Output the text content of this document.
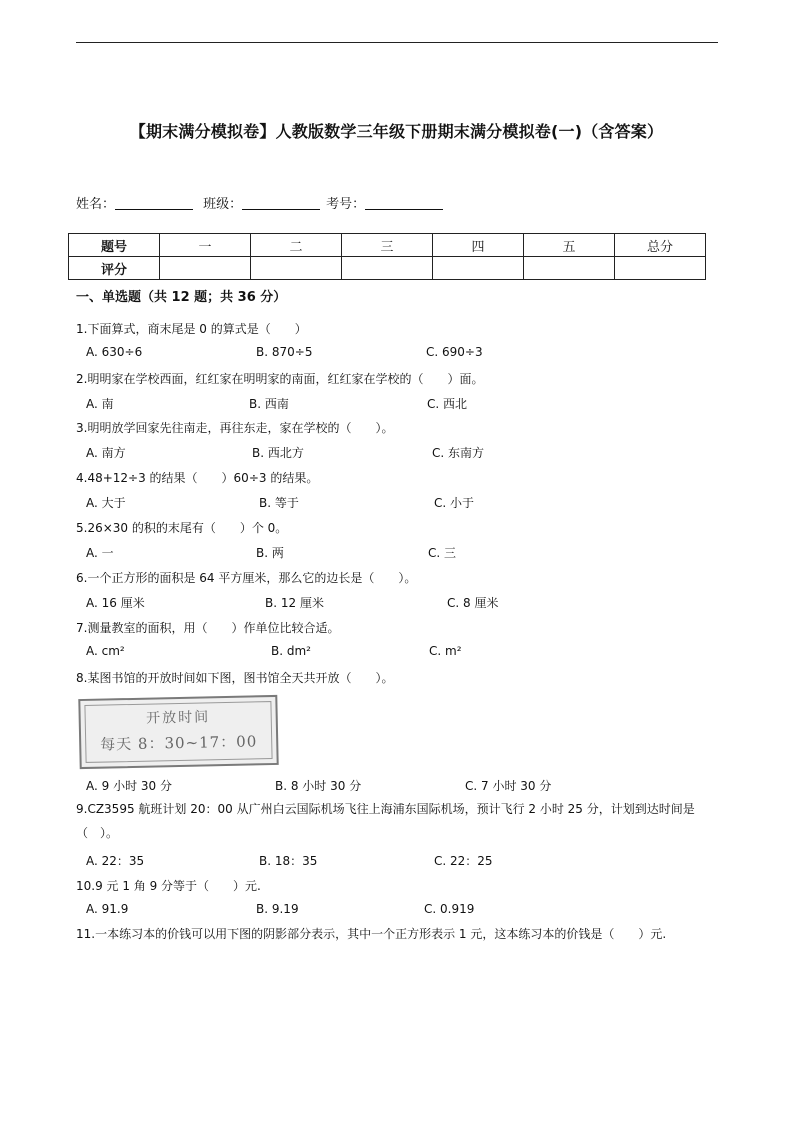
【期末满分模拟卷】人教版数学三年级下册期末满分模拟卷(一)（含答案）
姓名：	班级：	考号：
题号	一	二	三	四	五	总分
评分						
一、单选题（共 12 题；共 36 分）
1.下面算式，商末尾是 0 的算式是（　　）
A. 630÷6	B. 870÷5	C. 690÷3
2.明明家在学校西面，红红家在明明家的南面，红红家在学校的（　　）面。
A. 南	B. 西南	C. 西北
3.明明放学回家先往南走，再往东走，家在学校的（　　）。
A. 南方	B. 西北方	C. 东南方
4.48+12÷3 的结果（　　）60÷3 的结果。
A. 大于	B. 等于	C. 小于
5.26×30 的积的末尾有（　　）个 0。
A. 一	B. 两	C. 三
6.一个正方形的面积是 64 平方厘米，那么它的边长是（　　）。
A. 16 厘米	B. 12 厘米	C. 8 厘米
7.测量教室的面积，用（　　）作单位比较合适。
A. cm²	B. dm²	C. m²
8.某图书馆的开放时间如下图，图书馆全天共开放（　　）。
开放时间
每天 8：30~17：00
A. 9 小时 30 分	B. 8 小时 30 分	C. 7 小时 30 分
9.CZ3595 航班计划 20：00 从广州白云国际机场飞往上海浦东国际机场，预计飞行 2 小时 25 分，计划到达时间是（　）。
A. 22：35	B. 18：35	C. 22：25
10.9 元 1 角 9 分等于（　　）元.
A. 91.9	B. 9.19	C. 0.919
11.一本练习本的价钱可以用下图的阴影部分表示，其中一个正方形表示 1 元，这本练习本的价钱是（　　）元.
